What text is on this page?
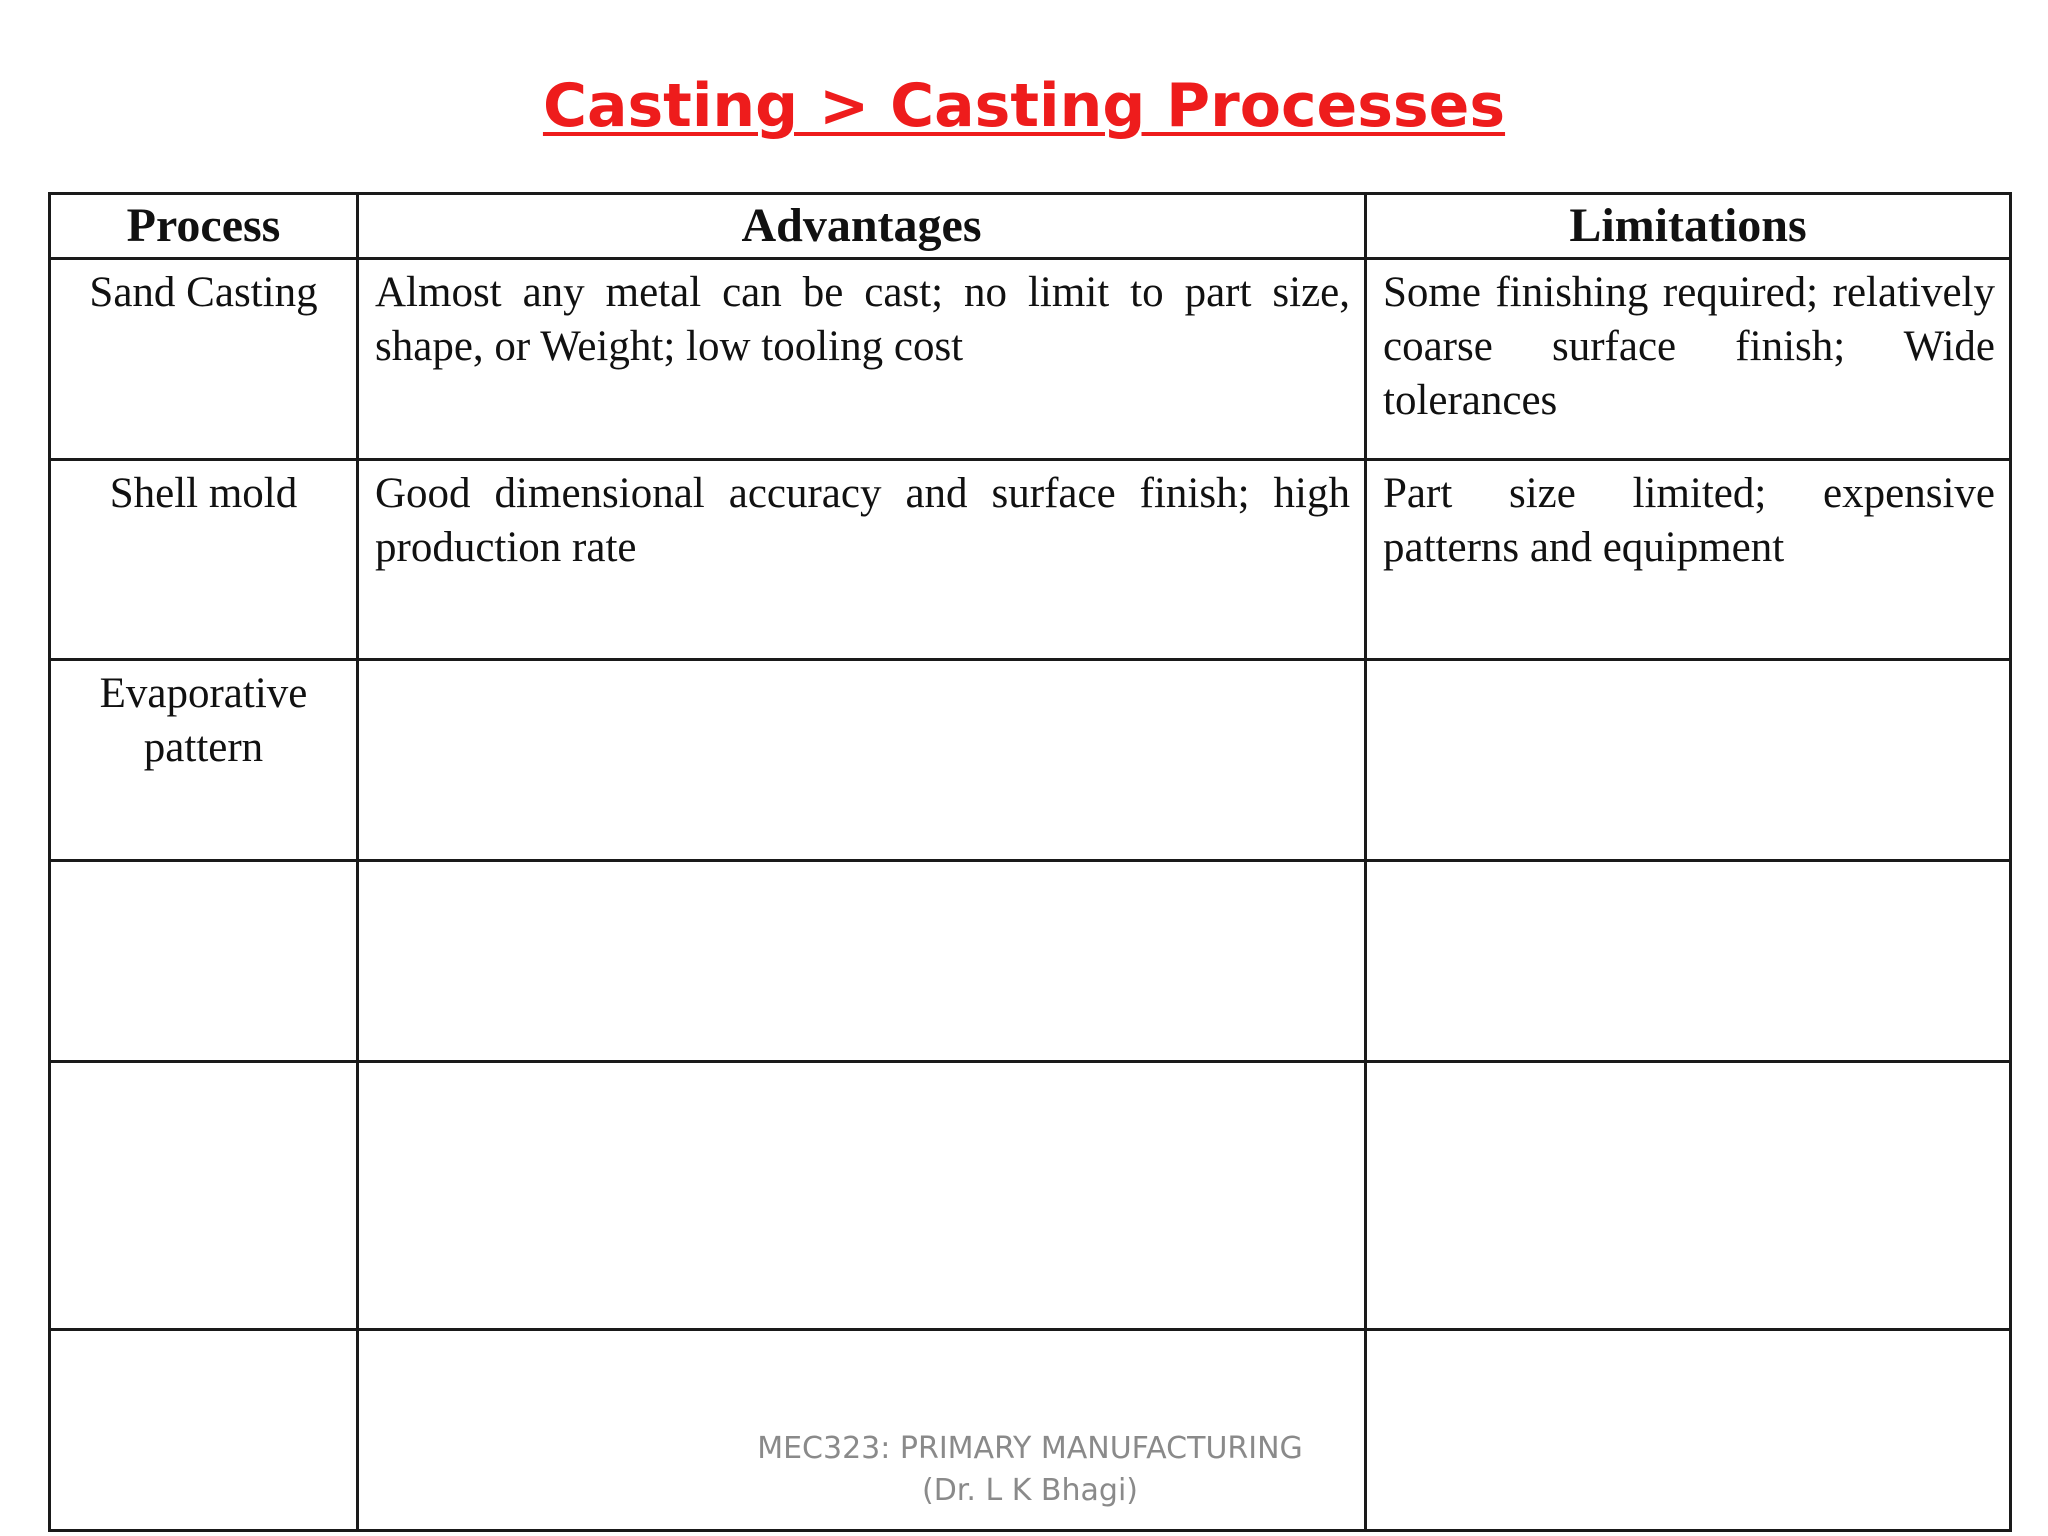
Casting > Casting Processes
Process	Advantages	Limitations
Sand Casting	Almost any metal can be cast; no limit to part size, shape, or Weight; low tooling cost	Some finishing required; relatively coarse surface finish; Wide tolerances
Shell mold	Good dimensional accuracy and surface finish; high production rate	Part size limited; expensive patterns and equipment
Evaporative pattern		

MEC323: PRIMARY MANUFACTURING
(Dr. L K Bhagi)
